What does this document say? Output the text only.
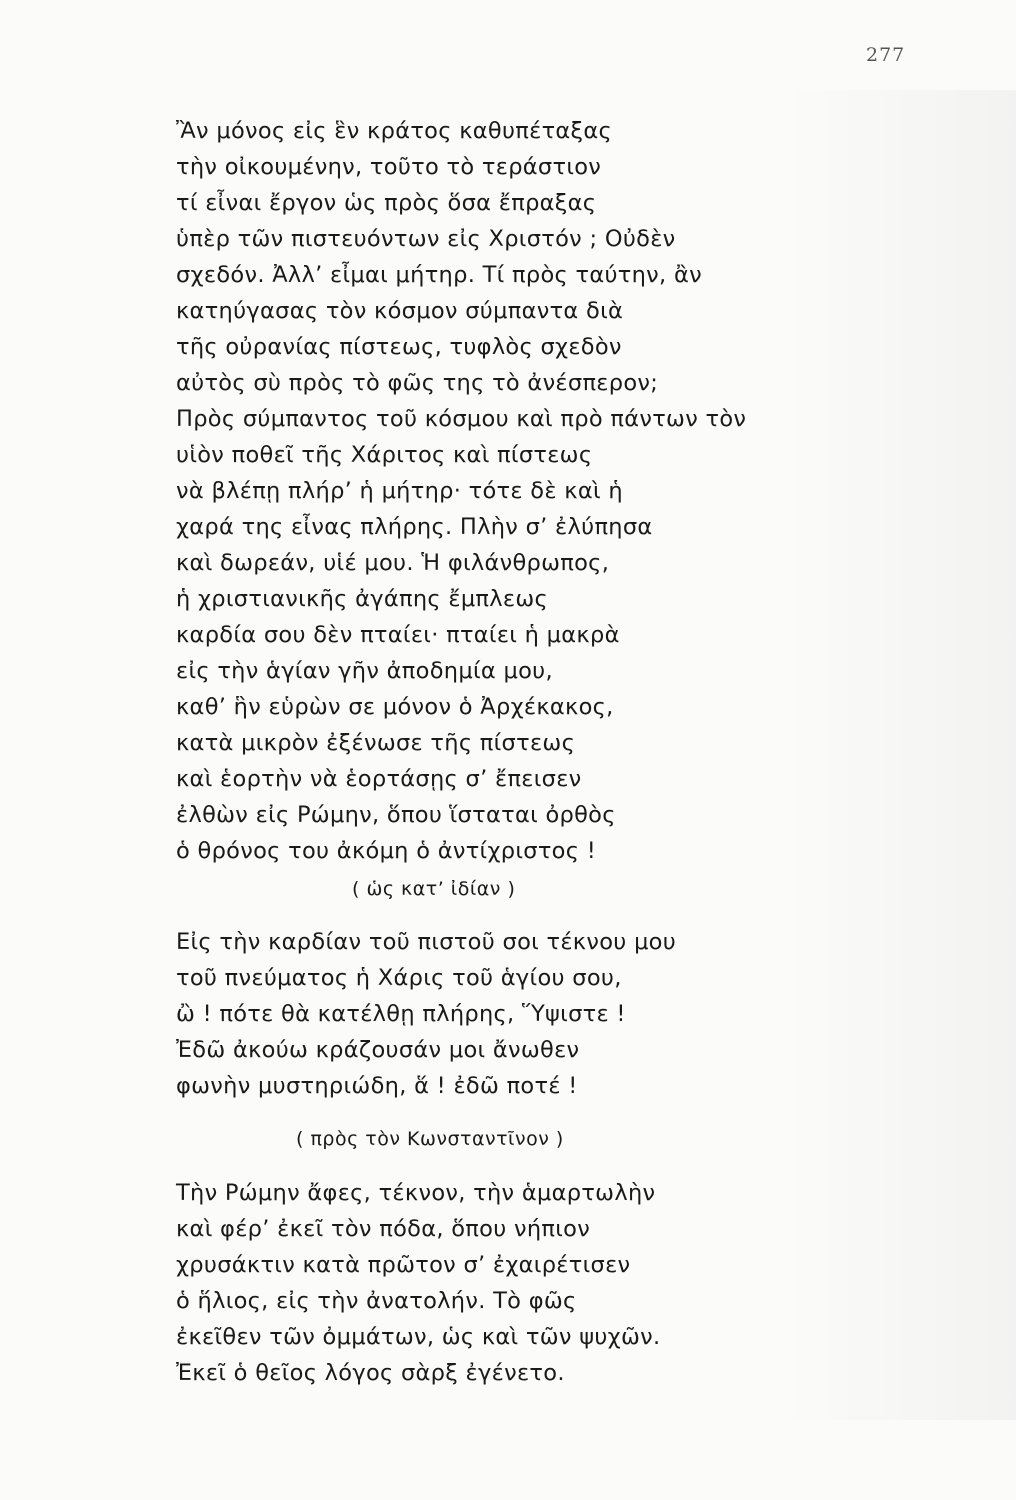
277
Ἂν μόνος εἰς ἓν κράτος καθυπέταξας
τὴν οἰκουμένην, τοῦτο τὸ τεράστιον
τί εἶναι ἔργον ὡς πρὸς ὅσα ἔπραξας
ὑπὲρ τῶν πιστευόντων εἰς Χριστόν ; Οὐδὲν
σχεδόν. Ἀλλ’ εἶμαι μήτηρ. Τί πρὸς ταύτην, ἂν
κατηύγασας τὸν κόσμον σύμπαντα διὰ
τῆς οὐρανίας πίστεως, τυφλὸς σχεδὸν
αὐτὸς σὺ πρὸς τὸ φῶς της τὸ ἀνέσπερον;
Πρὸς σύμπαντος τοῦ κόσμου καὶ πρὸ πάντων τὸν
υἱὸν ποθεῖ τῆς Χάριτος καὶ πίστεως
νὰ βλέπῃ πλήρ’ ἡ μήτηρ· τότε δὲ καὶ ἡ
χαρά της εἶνας πλήρης. Πλὴν σ’ ἐλύπησα
καὶ δωρεάν, υἱέ μου. Ἡ φιλάνθρωπος,
ἡ χριστιανικῆς ἀγάπης ἔμπλεως
καρδία σου δὲν πταίει· πταίει ἡ μακρὰ
εἰς τὴν ἁγίαν γῆν ἀποδημία μου,
καθ’ ἣν εὑρὼν σε μόνον ὁ Ἀρχέκακος,
κατὰ μικρὸν ἐξένωσε τῆς πίστεως
καὶ ἑορτὴν νὰ ἑορτάσῃς σ’ ἔπεισεν
ἐλθὼν εἰς Ρώμην, ὅπου ἵσταται ὀρθὸς
ὁ θρόνος του ἀκόμη ὁ ἀντίχριστος !
( ὡς κατ’ ἰδίαν )
Εἰς τὴν καρδίαν τοῦ πιστοῦ σοι τέκνου μου
τοῦ πνεύματος ἡ Χάρις τοῦ ἁγίου σου,
ὢ ! πότε θὰ κατέλθῃ πλήρης, Ὕψιστε !
Ἐδῶ ἀκούω κράζουσάν μοι ἄνωθεν
φωνὴν μυστηριώδη, ἅ ! ἐδῶ ποτέ !
( πρὸς τὸν Κωνσταντῖνον )
Τὴν Ρώμην ἄφες, τέκνον, τὴν ἁμαρτωλὴν
καὶ φέρ’ ἐκεῖ τὸν πόδα, ὅπου νήπιον
χρυσάκτιν κατὰ πρῶτον σ’ ἐχαιρέτισεν
ὁ ἥλιος, εἰς τὴν ἀνατολήν. Τὸ φῶς
ἐκεῖθεν τῶν ὀμμάτων, ὡς καὶ τῶν ψυχῶν.
Ἐκεῖ ὁ θεῖος λόγος σὰρξ ἐγένετο.
